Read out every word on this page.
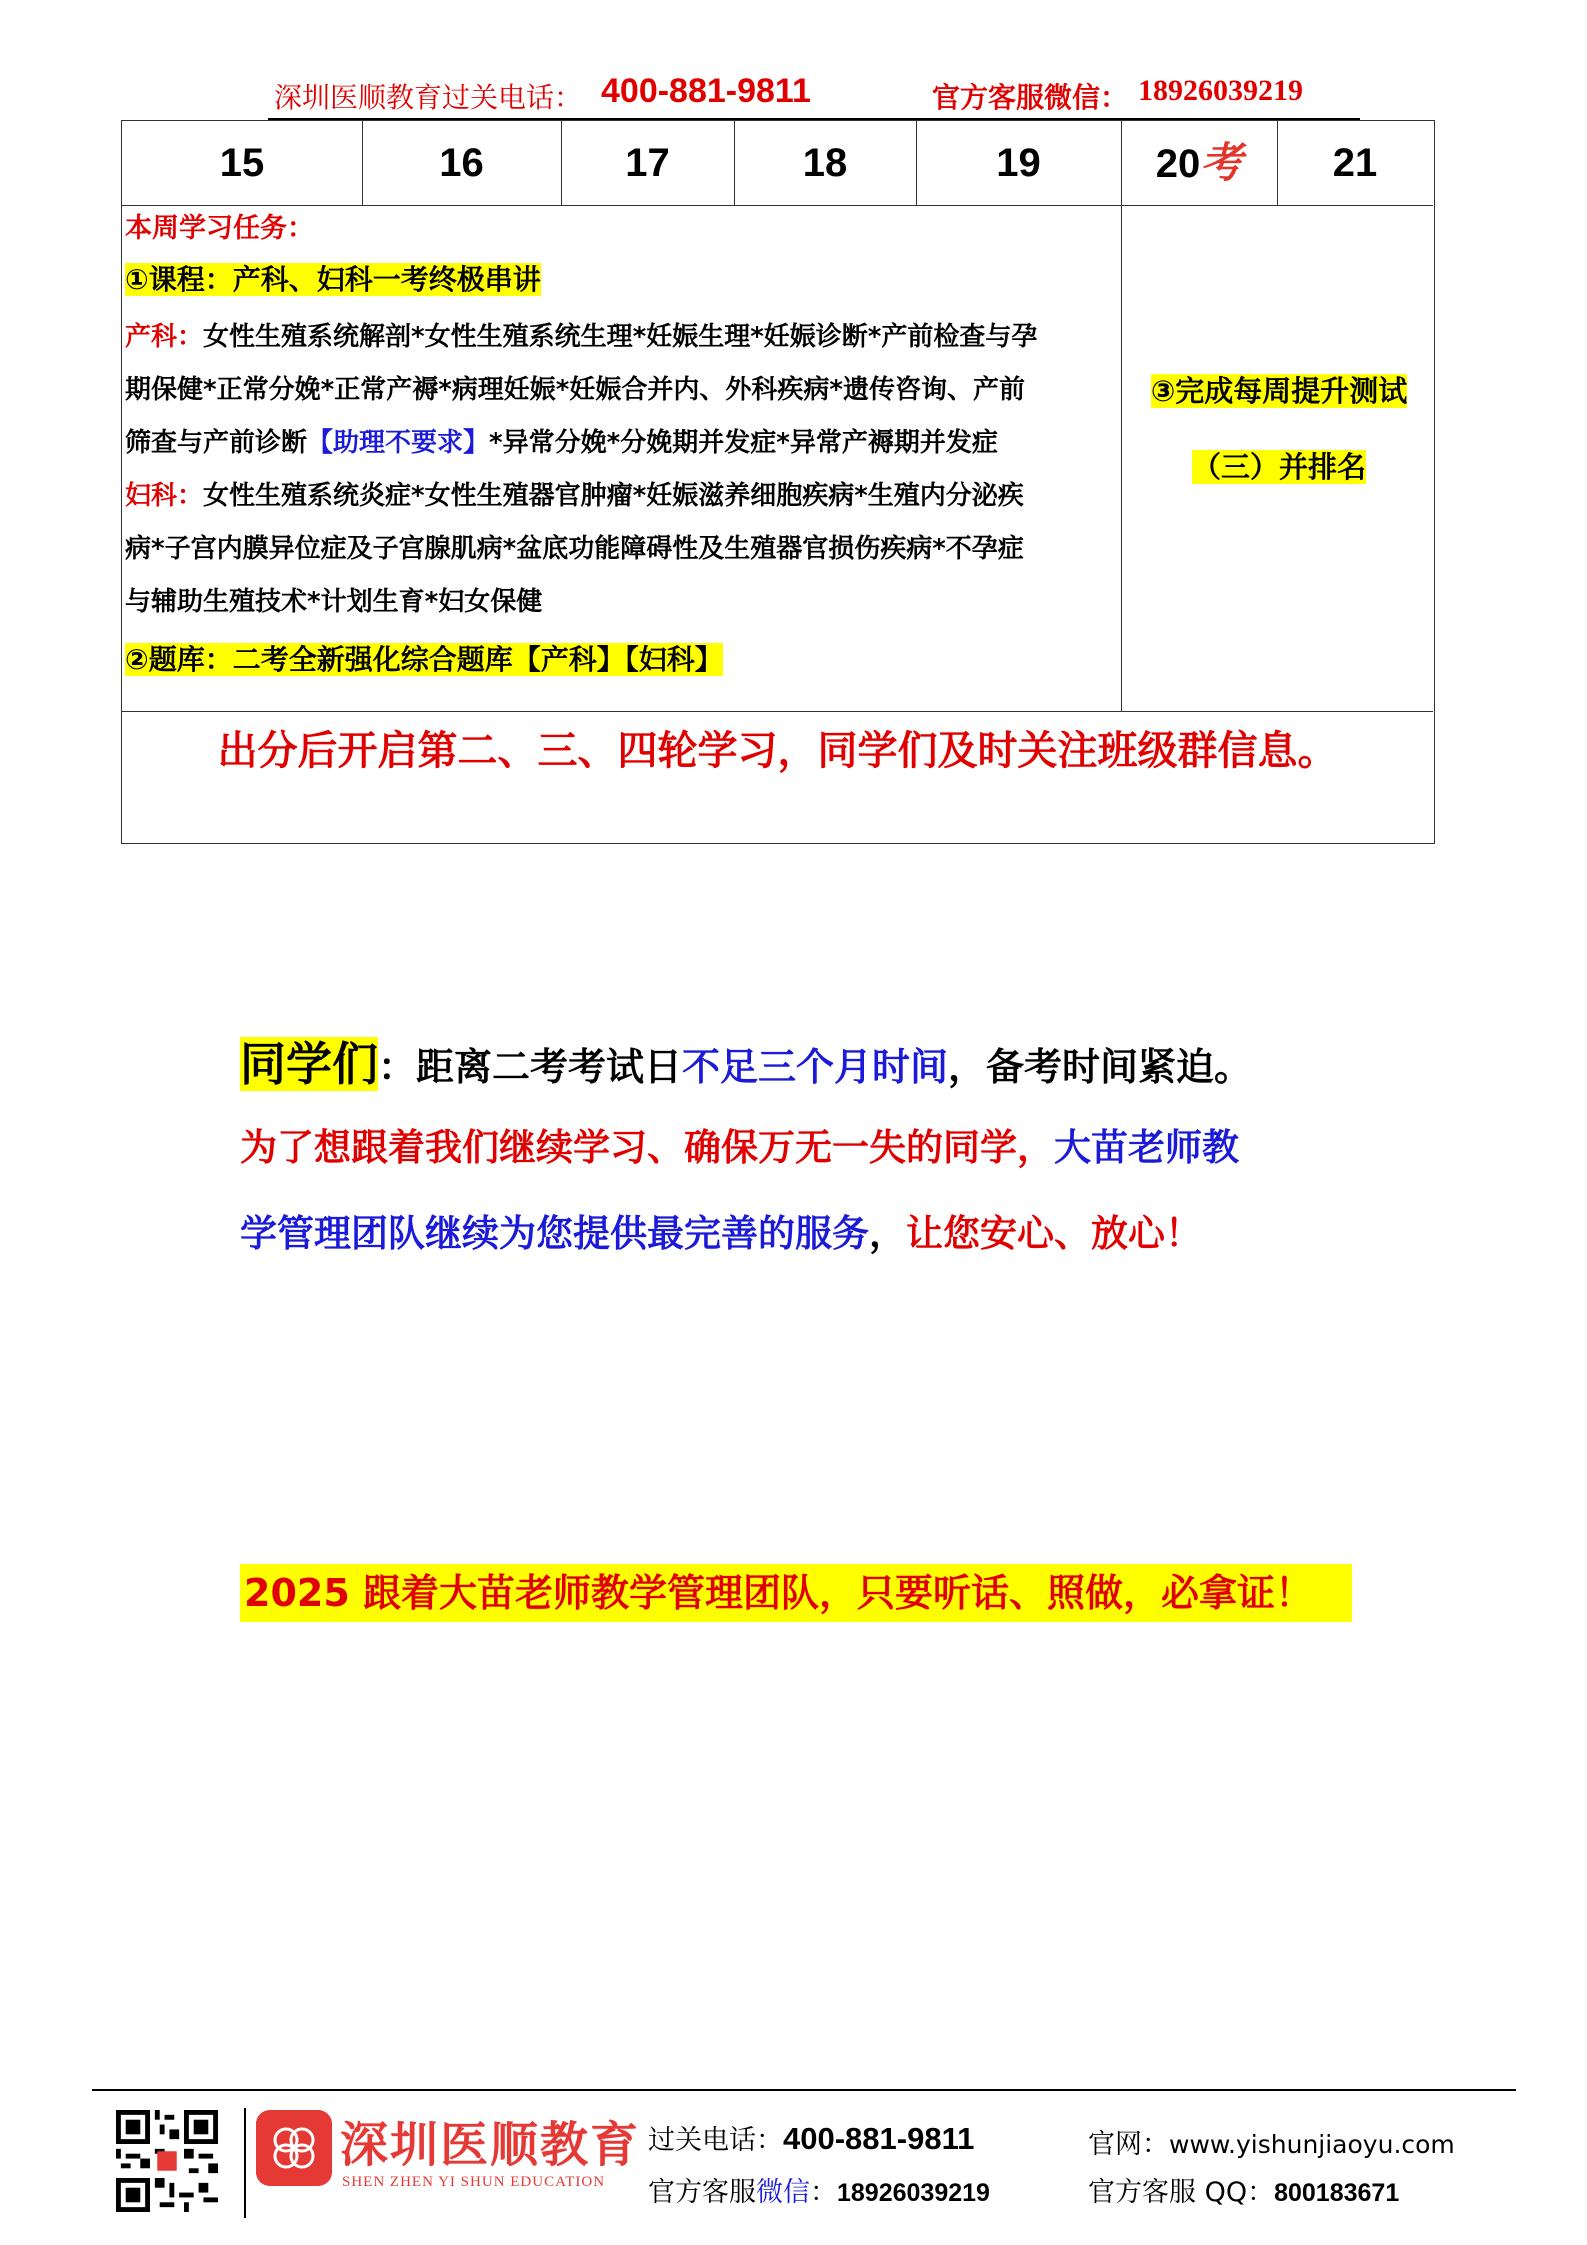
深圳医顺教育过关电话： 400-881-9811	官方客服微信： 18926039219
15	16	17	18	19	20考	21
本周学习任务：
①课程：产科、妇科一考终极串讲
产科：女性生殖系统解剖*女性生殖系统生理*妊娠生理*妊娠诊断*产前检查与孕
期保健*正常分娩*正常产褥*病理妊娠*妊娠合并内、外科疾病*遗传咨询、产前
筛查与产前诊断【助理不要求】*异常分娩*分娩期并发症*异常产褥期并发症
妇科：女性生殖系统炎症*女性生殖器官肿瘤*妊娠滋养细胞疾病*生殖内分泌疾
病*子宫内膜异位症及子宫腺肌病*盆底功能障碍性及生殖器官损伤疾病*不孕症
与辅助生殖技术*计划生育*妇女保健
②题库：二考全新强化综合题库【产科】【妇科】
③完成每周提升测试
（三）并排名
出分后开启第二、三、四轮学习，同学们及时关注班级群信息。
同学们：距离二考考试日不足三个月时间，备考时间紧迫。
为了想跟着我们继续学习、确保万无一失的同学，大苗老师教
学管理团队继续为您提供最完善的服务，让您安心、放心！
2025 跟着大苗老师教学管理团队，只要听话、照做，必拿证！
深圳医顺教育
SHEN ZHEN YI SHUN EDUCATION
过关电话：400-881-9811
官方客服微信：18926039219
官网：www.yishunjiaoyu.com
官方客服 QQ：800183671
